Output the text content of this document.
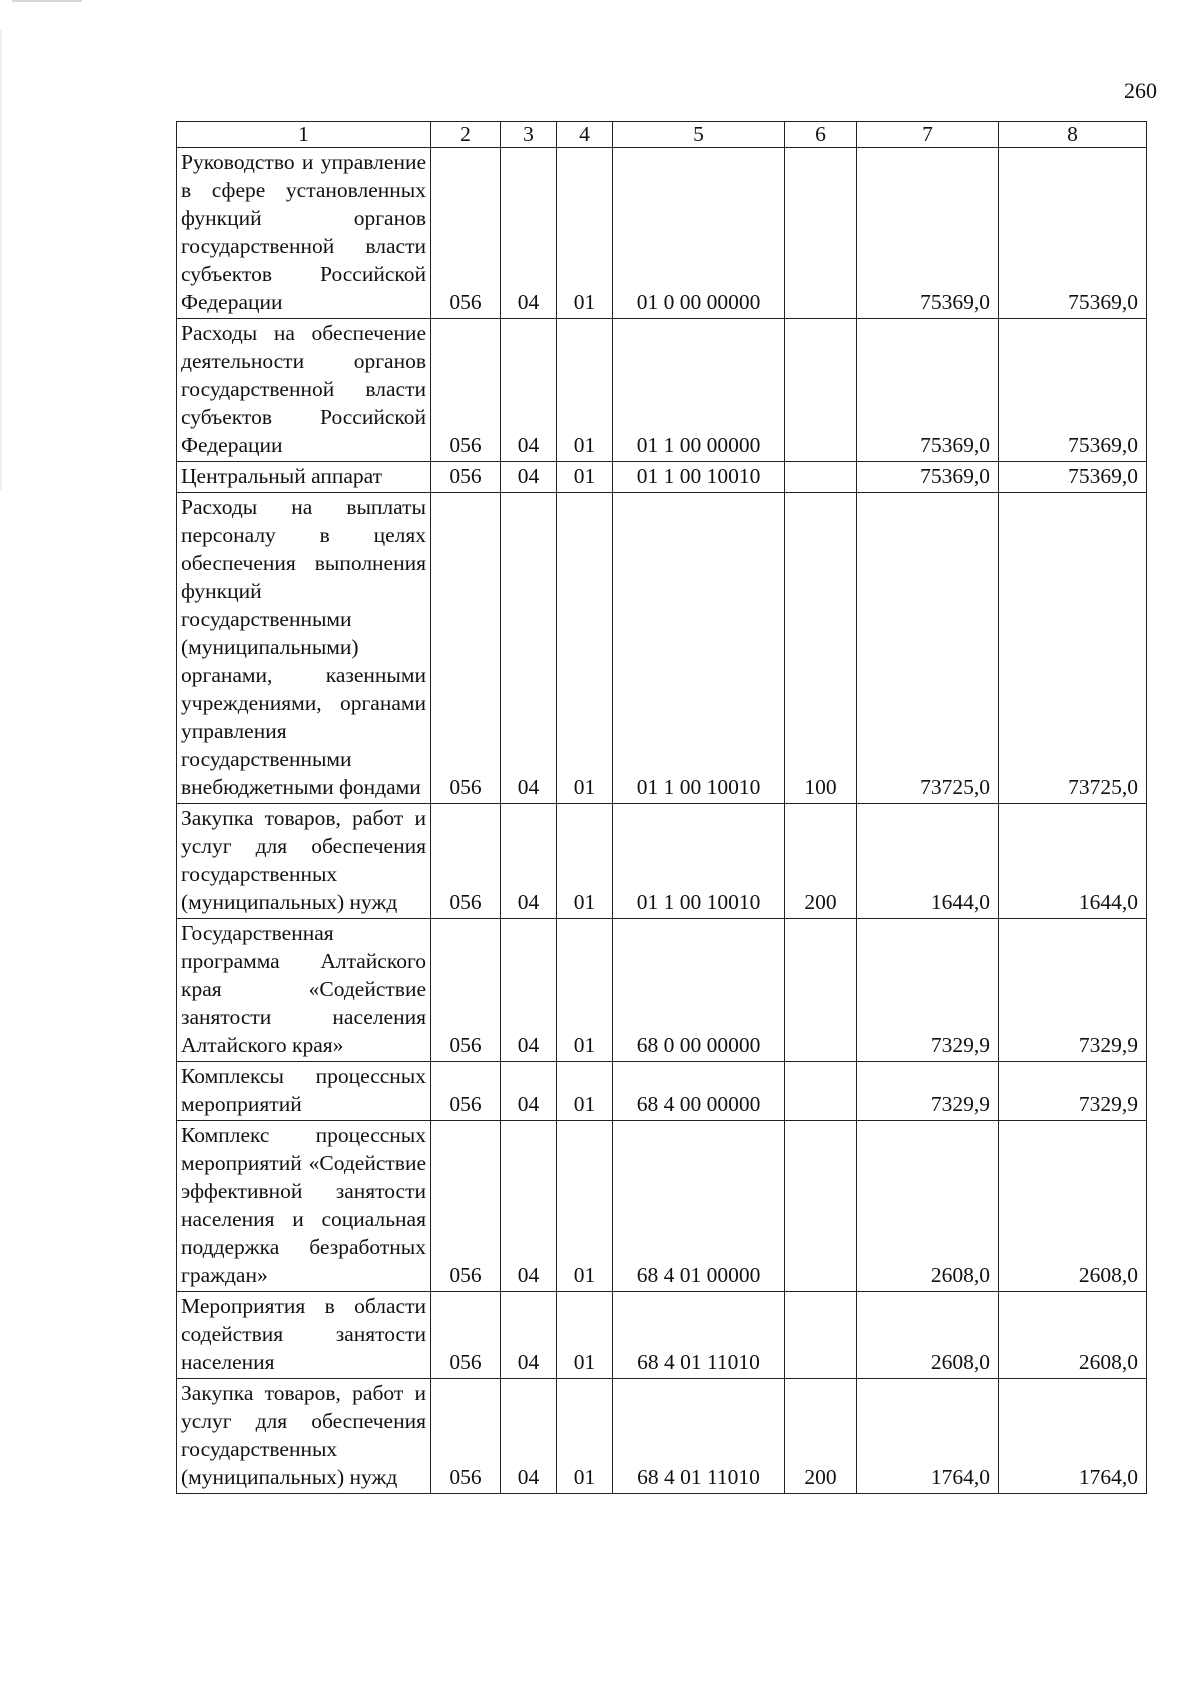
260
1	2	3	4	5	6	7	8
Руководство и управление в сфере установленных функций органов государственной власти субъектов Российской Федерации	056	04	01	01 0 00 00000		75369,0	75369,0
Расходы на обеспечение деятельности органов государственной власти субъектов Российской Федерации	056	04	01	01 1 00 00000		75369,0	75369,0
Центральный аппарат	056	04	01	01 1 00 10010		75369,0	75369,0
Расходы на выплаты персоналу в целях обеспечения выполнения функций государственными (муниципальными) органами, казенными учреждениями, органами управления государственными внебюджетными фондами	056	04	01	01 1 00 10010	100	73725,0	73725,0
Закупка товаров, работ и услуг для обеспечения государственных (муниципальных) нужд	056	04	01	01 1 00 10010	200	1644,0	1644,0
Государственная программа Алтайского края «Содействие занятости населения Алтайского края»	056	04	01	68 0 00 00000		7329,9	7329,9
Комплексы процессных мероприятий	056	04	01	68 4 00 00000		7329,9	7329,9
Комплекс процессных мероприятий «Содействие эффективной занятости населения и социальная поддержка безработных граждан»	056	04	01	68 4 01 00000		2608,0	2608,0
Мероприятия в области содействия занятости населения	056	04	01	68 4 01 11010		2608,0	2608,0
Закупка товаров, работ и услуг для обеспечения государственных (муниципальных) нужд	056	04	01	68 4 01 11010	200	1764,0	1764,0
